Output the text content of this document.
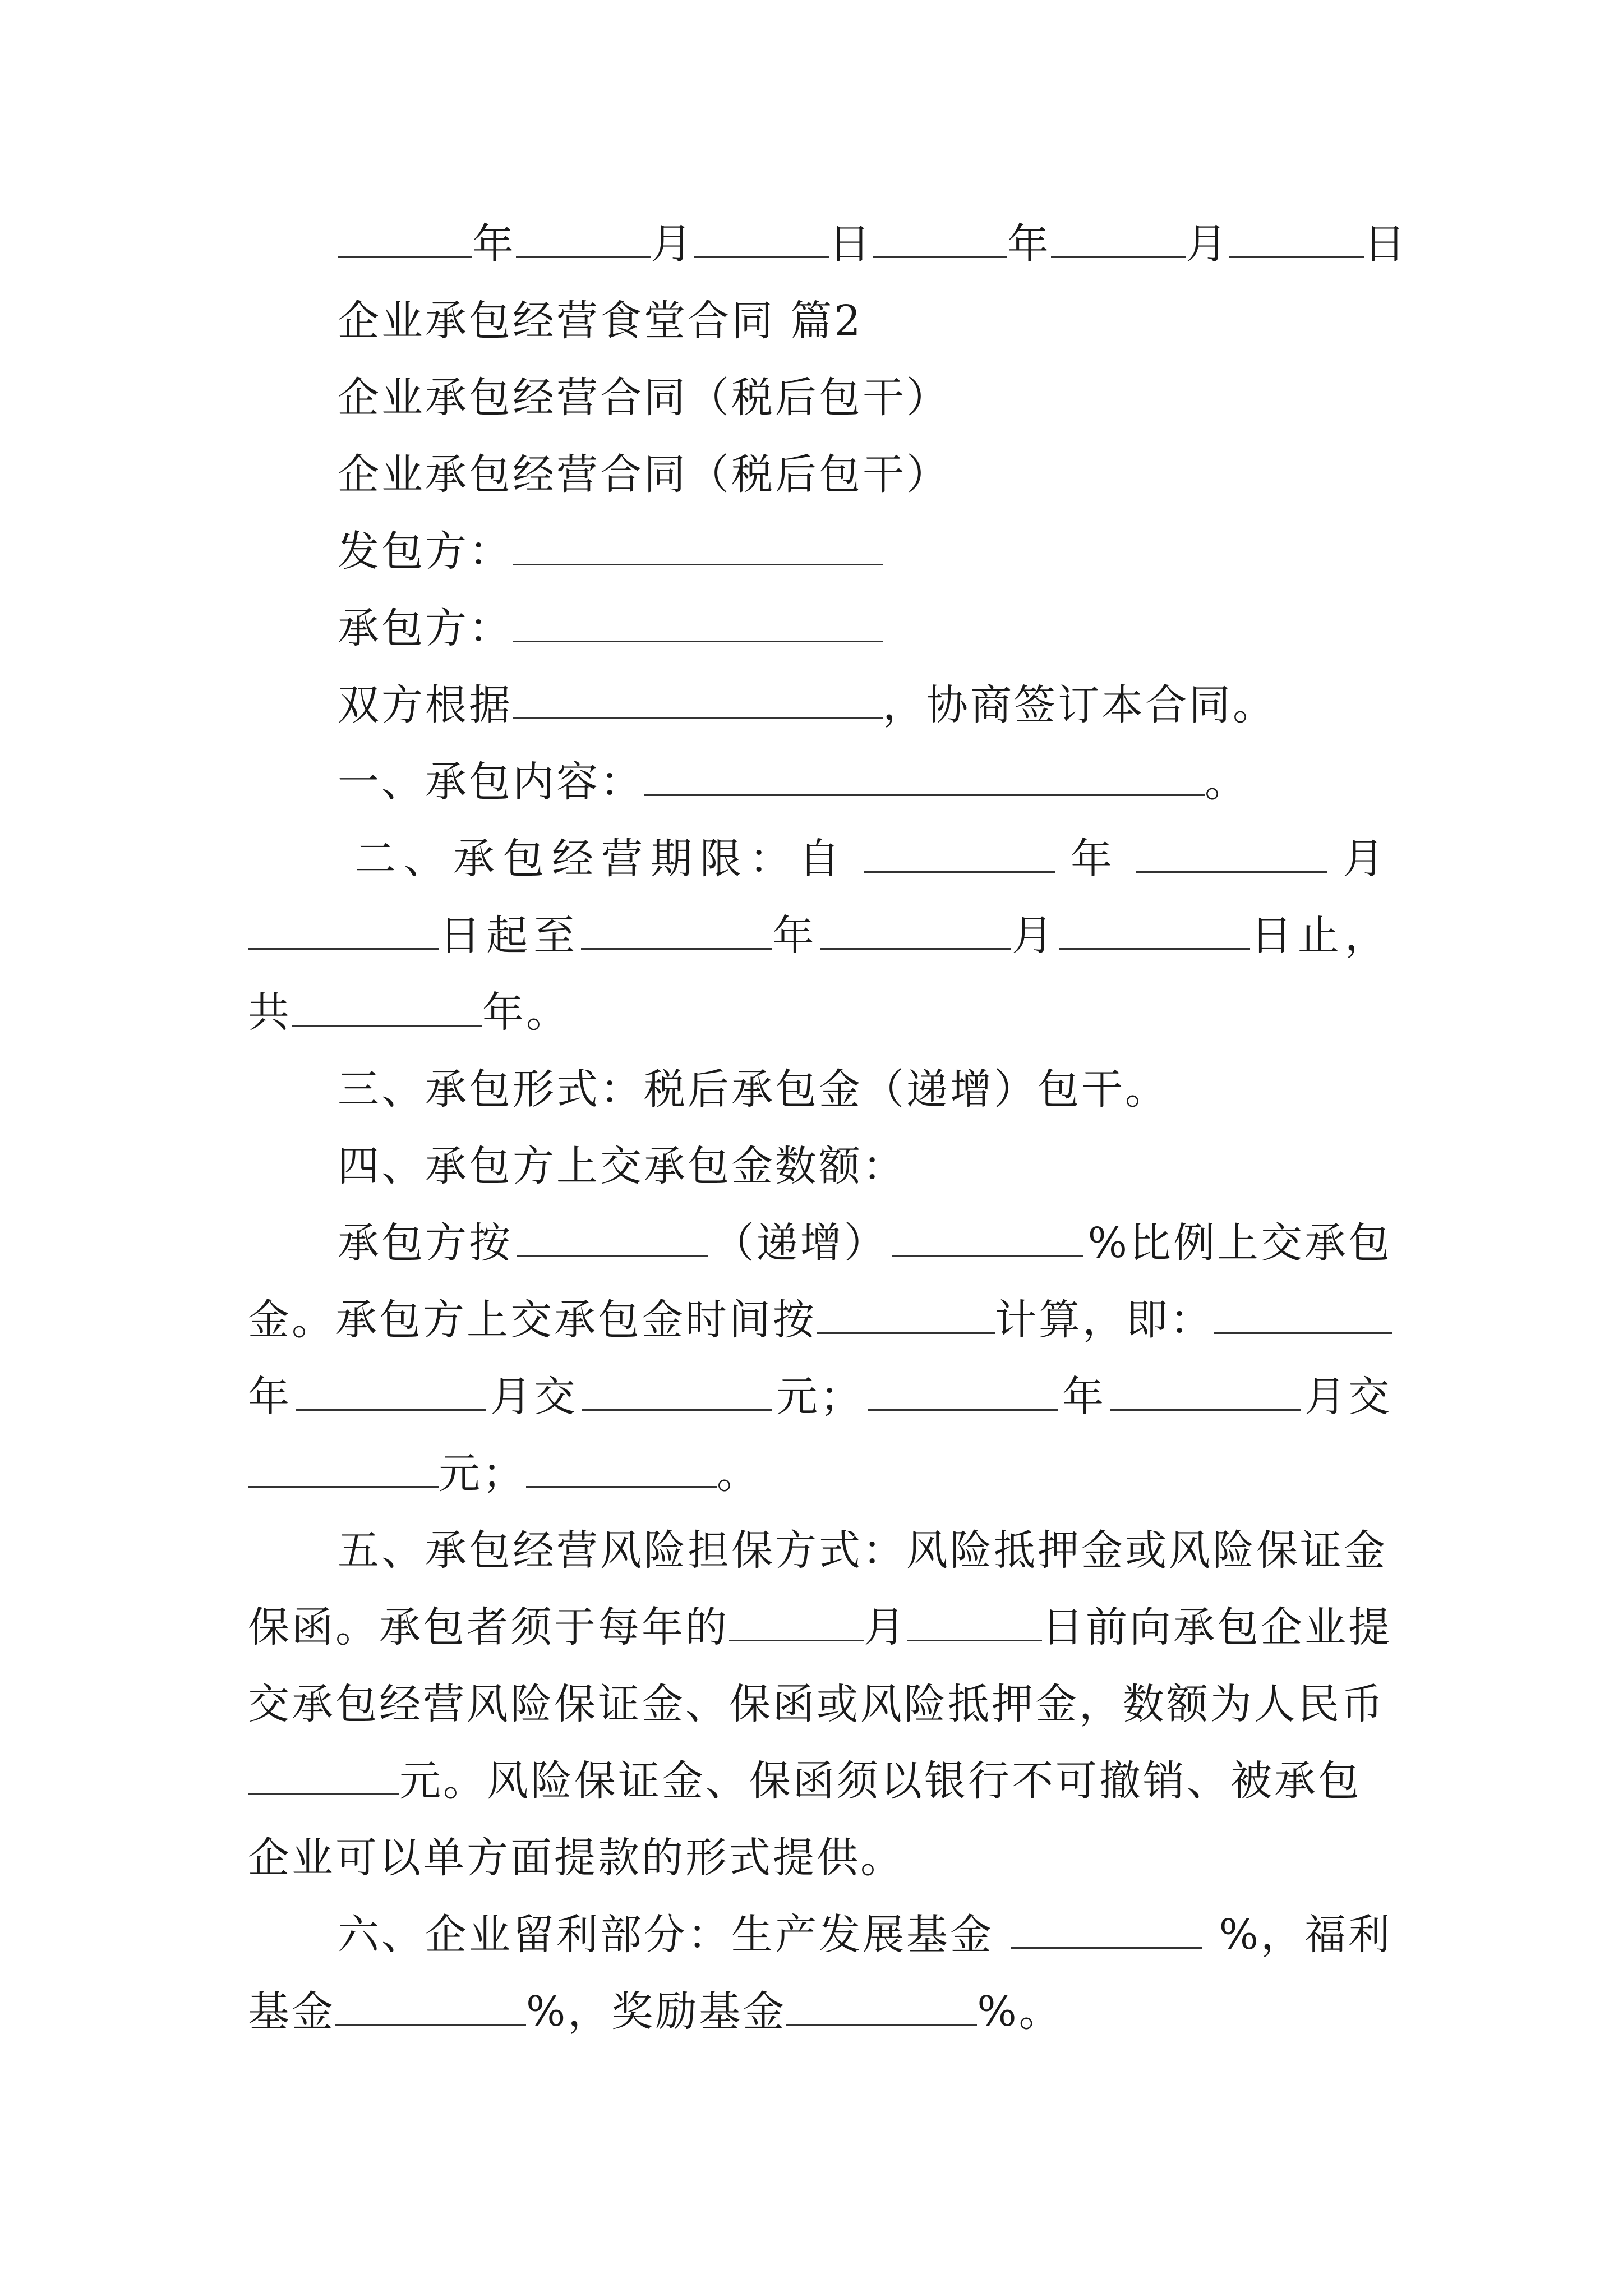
年	月	日	年	月	日
企业承包经营食堂合同 篇2
企业承包经营合同（税后包干）
企业承包经营合同（税后包干）
发包方：
承包方：
双方根据	，协商签订本合同。
一、承包内容：	。
二、承包经营期限：自	年	月
日起至	年	月	日止，
共	年。
三、承包形式：税后承包金（递增）包干。
四、承包方上交承包金数额：
承包方按	（递增）	%比例上交承包
金。承包方上交承包金时间按	计算，即：
年	月交	元；	年	月交
元；	。
五、承包经营风险担保方式：风险抵押金或风险保证金
保函。承包者须于每年的	月	日前向承包企业提
交承包经营风险保证金、保函或风险抵押金，数额为人民币
元。风险保证金、保函须以银行不可撤销、被承包
企业可以单方面提款的形式提供。
六、企业留利部分：生产发展基金	%，福利
基金	%，奖励基金	%。
